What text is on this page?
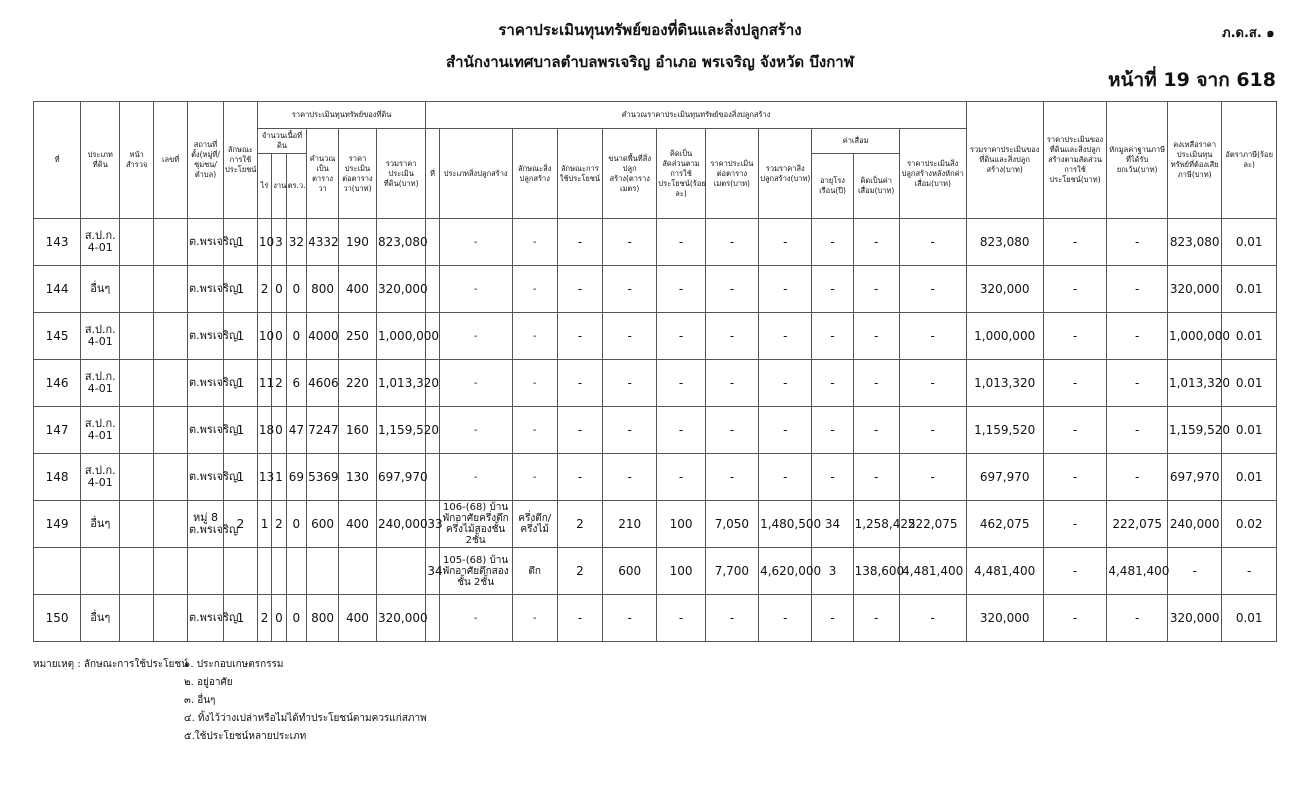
ราคาประเมินทุนทรัพย์ของที่ดินและสิ่งปลูกสร้าง	ภ.ด.ส. ๑
สำนักงานเทศบาลตำบลพรเจริญ อำเภอ พรเจริญ จังหวัด บึงกาฬ
หน้าที่ 19 จาก 618
ที่	ประเภทที่ดิน	หน้าสำรวจ	เลขที่	สถานที่ตั้ง(หมู่ที่/ชุมชน/ตำบล)	ลักษณะการใช้ประโยชน์	ราคาประเมินทุนทรัพย์ของที่ดิน						คำนวณราคาประเมินทุนทรัพย์ของสิ่งปลูกสร้าง											รวมราคาประเมินของที่ดินและสิ่งปลูกสร้าง(บาท)	ราคาประเมินของที่ดินและสิ่งปลูกสร้างตามสัดส่วนการใช้ประโยชน์(บาท)	หักมูลค่าฐานภาษีที่ได้รับยกเว้น(บาท)	คงเหลือราคาประเมินทุนทรัพย์ที่ต้องเสียภาษี(บาท)	อัตราภาษี(ร้อยละ)
						จำนวนเนื้อที่ดิน			คำนวณเป็นตารางวา	ราคาประเมินต่อตารางวา(บาท)	รวมราคาประเมินที่ดิน(บาท)	ที่	ประเภทสิ่งปลูกสร้าง	ลักษณะสิ่งปลูกสร้าง	ลักษณะการใช้ประโยชน์	ขนาดพื้นที่สิ่งปลูกสร้าง(ตารางเมตร)	คิดเป็นสัดส่วนตามการใช้ประโยชน์(ร้อยละ)	ราคาประเมินต่อตารางเมตร(บาท)	รวมราคาสิ่งปลูกสร้าง(บาท)	ค่าเสื่อม		ราคาประเมินสิ่งปลูกสร้างหลังหักค่าเสื่อม(บาท)					
						ไร่	งาน	ตร.ว.												อายุโรงเรือน(ปี)	คิดเป็นค่าเสื่อม(บาท)						
143	ส.ป.ก. 4-01			ต.พรเจริญ	1	10	3	32	4332	190	823,080		-	-	-	-	-	-	-	-	-	-	823,080	-	-	823,080	0.01
144	อื่นๆ			ต.พรเจริญ	1	2	0	0	800	400	320,000		-	-	-	-	-	-	-	-	-	-	320,000	-	-	320,000	0.01
145	ส.ป.ก. 4-01			ต.พรเจริญ	1	10	0	0	4000	250	1,000,000		-	-	-	-	-	-	-	-	-	-	1,000,000	-	-	1,000,000	0.01
146	ส.ป.ก. 4-01			ต.พรเจริญ	1	11	2	6	4606	220	1,013,320		-	-	-	-	-	-	-	-	-	-	1,013,320	-	-	1,013,320	0.01
147	ส.ป.ก. 4-01			ต.พรเจริญ	1	18	0	47	7247	160	1,159,520		-	-	-	-	-	-	-	-	-	-	1,159,520	-	-	1,159,520	0.01
148	ส.ป.ก. 4-01			ต.พรเจริญ	1	13	1	69	5369	130	697,970		-	-	-	-	-	-	-	-	-	-	697,970	-	-	697,970	0.01
149	อื่นๆ			หมู่ 8 ต.พรเจริญ	2	1	2	0	600	400	240,000	33	106-(68) บ้านพักอาศัยครึ่งตึกครึ่งไม้สองชั้น 2ชั้น	ครึ่งตึก/ครึ่งไม้	2	210	100	7,050	1,480,500	34	1,258,425	222,075	462,075	-	222,075	240,000	0.02
												34	105-(68) บ้านพักอาศัยตึกสองชั้น 2ชั้น	ตึก	2	600	100	7,700	4,620,000	3	138,600	4,481,400	4,481,400	-	4,481,400	-	-
150	อื่นๆ			ต.พรเจริญ	1	2	0	0	800	400	320,000		-	-	-	-	-	-	-	-	-	-	320,000	-	-	320,000	0.01
หมายเหตุ : ลักษณะการใช้ประโยชน์
๑. ประกอบเกษตรกรรม
๒. อยู่อาศัย
๓. อื่นๆ
๔. ทิ้งไว้ว่างเปล่าหรือไม่ได้ทำประโยชน์ตามควรแก่สภาพ
๕.ใช้ประโยชน์หลายประเภท
